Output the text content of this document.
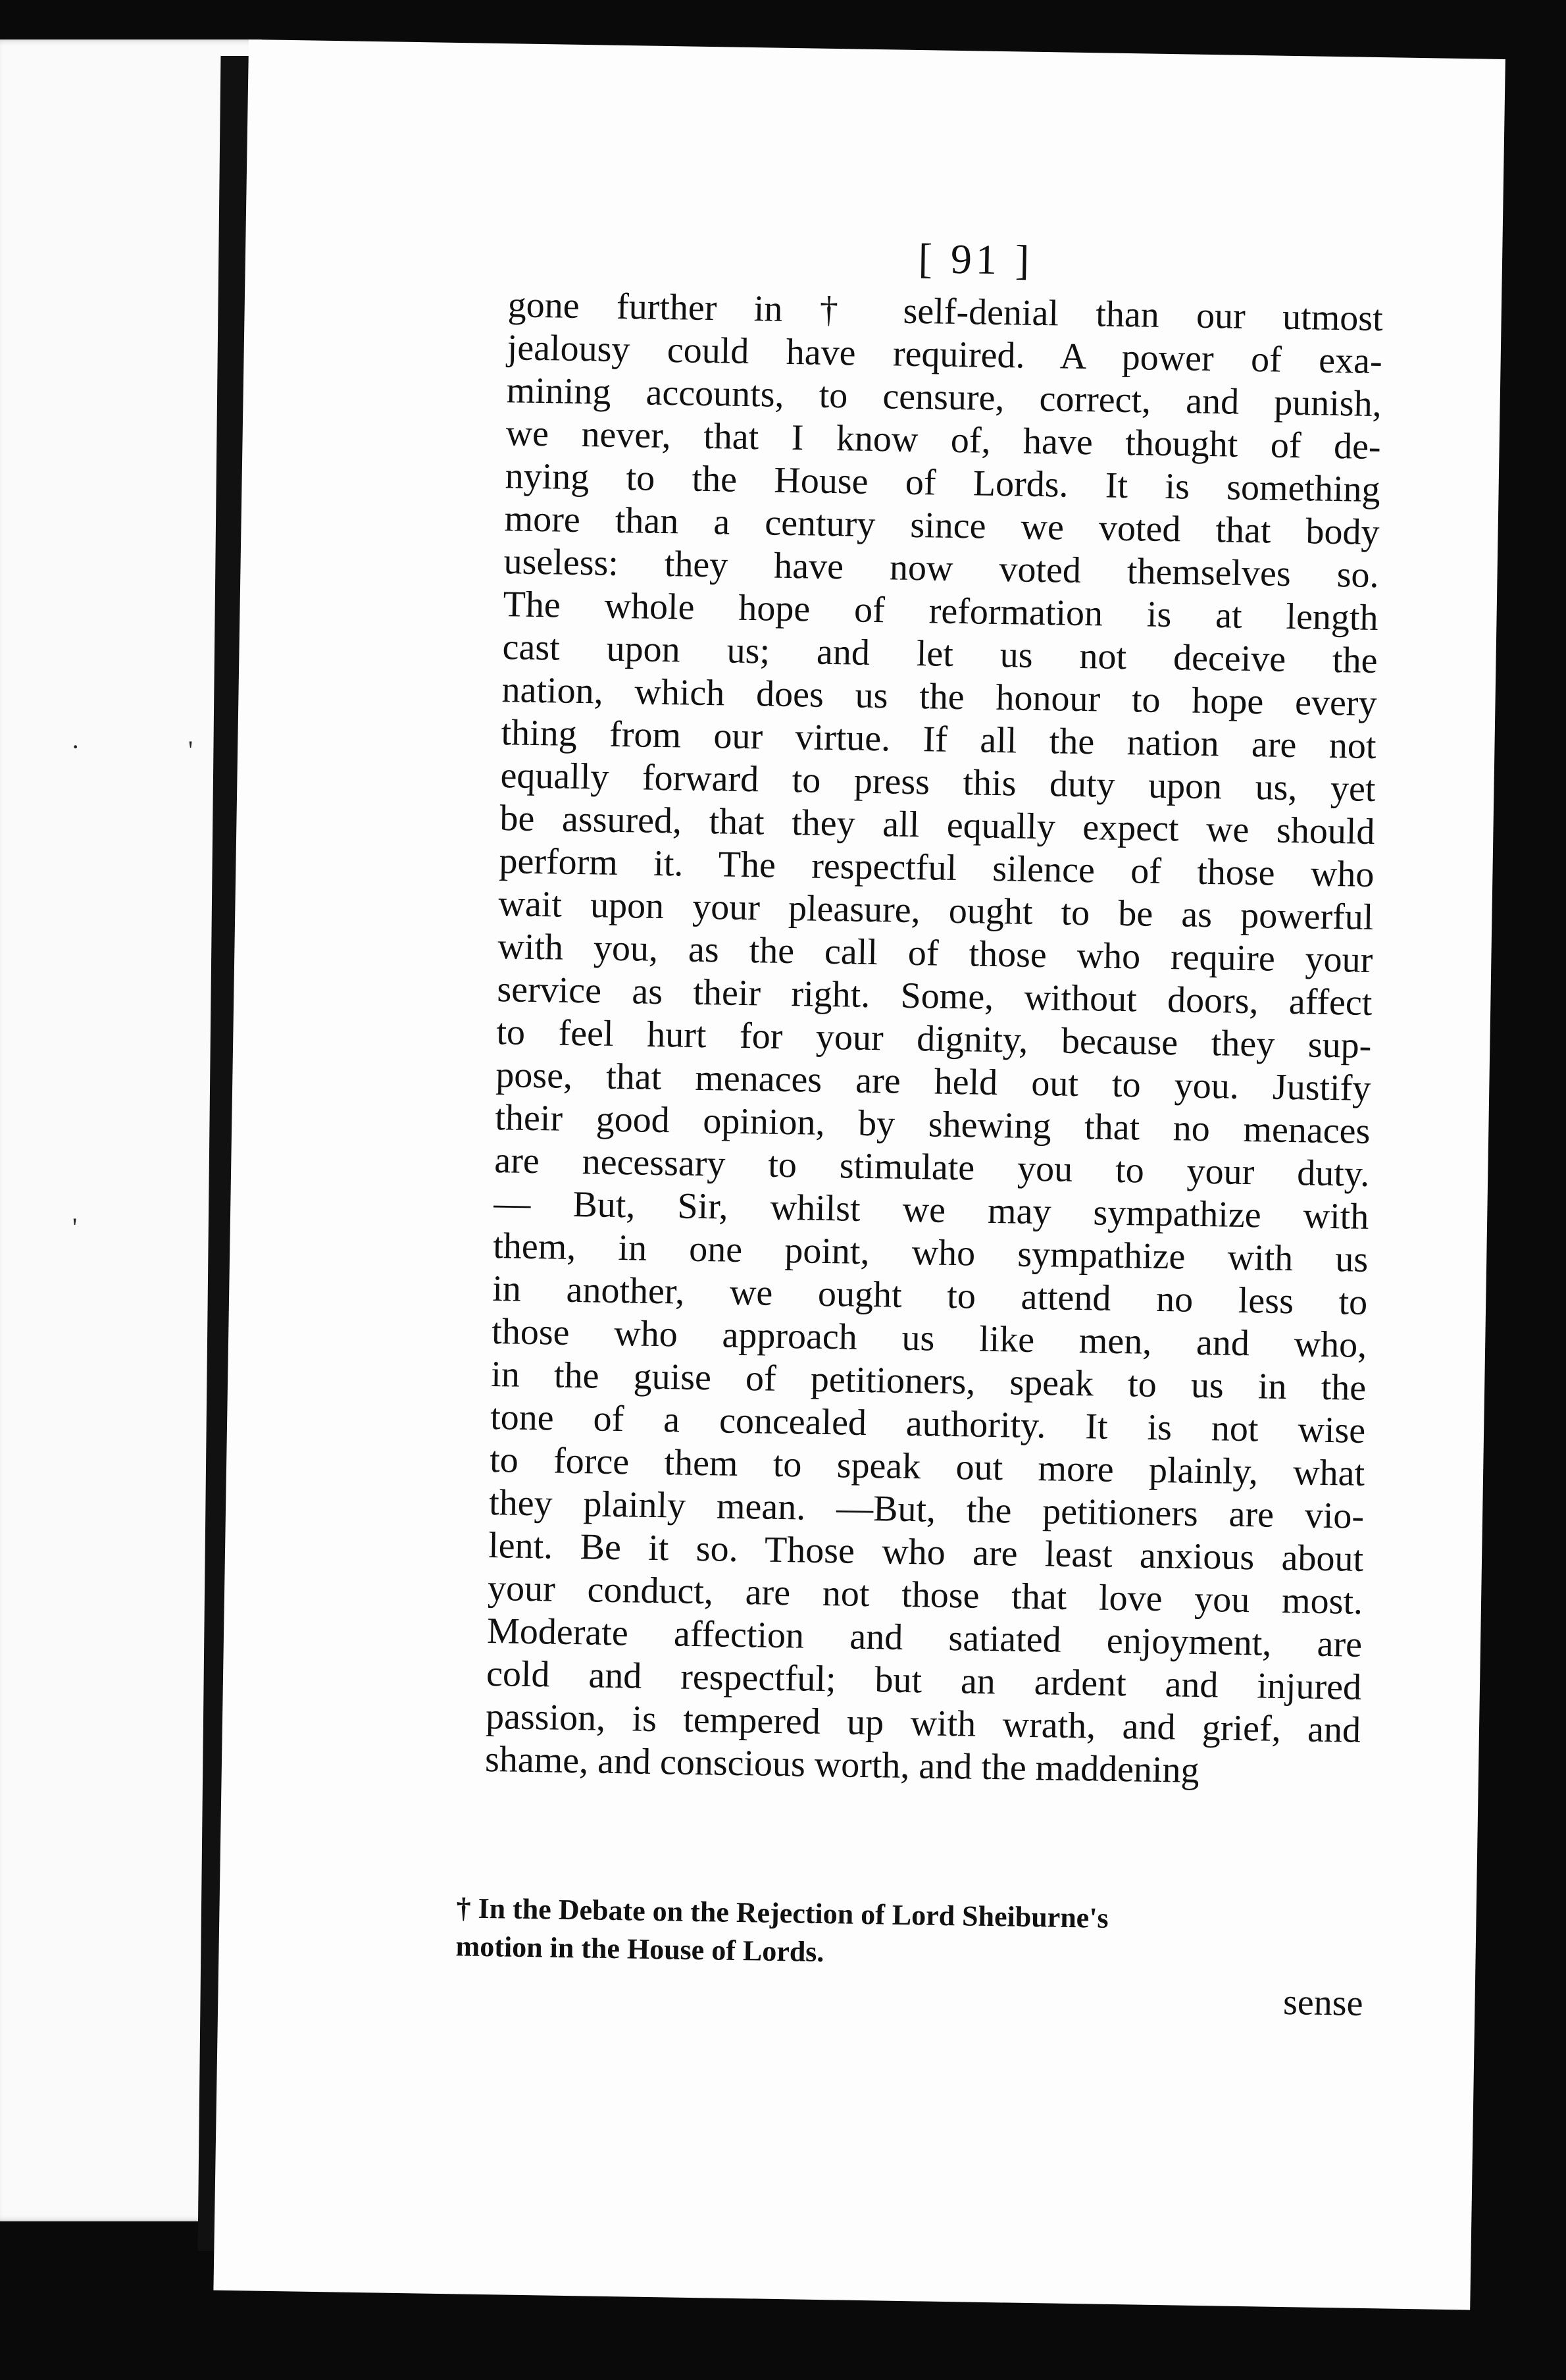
'
·
'
[ 91 ]
gone further in † self-denial than our utmost
jealousy could have required. A power of exa-
mining accounts, to censure, correct, and punish,
we never, that I know of, have thought of de-
nying to the House of Lords. It is something
more than a century since we voted that body
useless: they have now voted themselves so.
The whole hope of reformation is at length
cast upon us; and let us not deceive the
nation, which does us the honour to hope every
thing from our virtue. If all the nation are not
equally forward to press this duty upon us, yet
be assured, that they all equally expect we should
perform it. The respectful silence of those who
wait upon your pleasure, ought to be as powerful
with you, as the call of those who require your
service as their right. Some, without doors, affect
to feel hurt for your dignity, because they sup-
pose, that menaces are held out to you. Justify
their good opinion, by shewing that no menaces
are necessary to stimulate you to your duty.
— But, Sir, whilst we may sympathize with
them, in one point, who sympathize with us
in another, we ought to attend no less to
those who approach us like men, and who,
in the guise of petitioners, speak to us in the
tone of a concealed authority. It is not wise
to force them to speak out more plainly, what
they plainly mean. —But, the petitioners are vio-
lent. Be it so. Those who are least anxious about
your conduct, are not those that love you most.
Moderate affection and satiated enjoyment, are
cold and respectful; but an ardent and injured
passion, is tempered up with wrath, and grief, and
shame, and conscious worth, and the maddening
† In the Debate on the Rejection of Lord Sheiburne's
motion in the House of Lords.
sense
